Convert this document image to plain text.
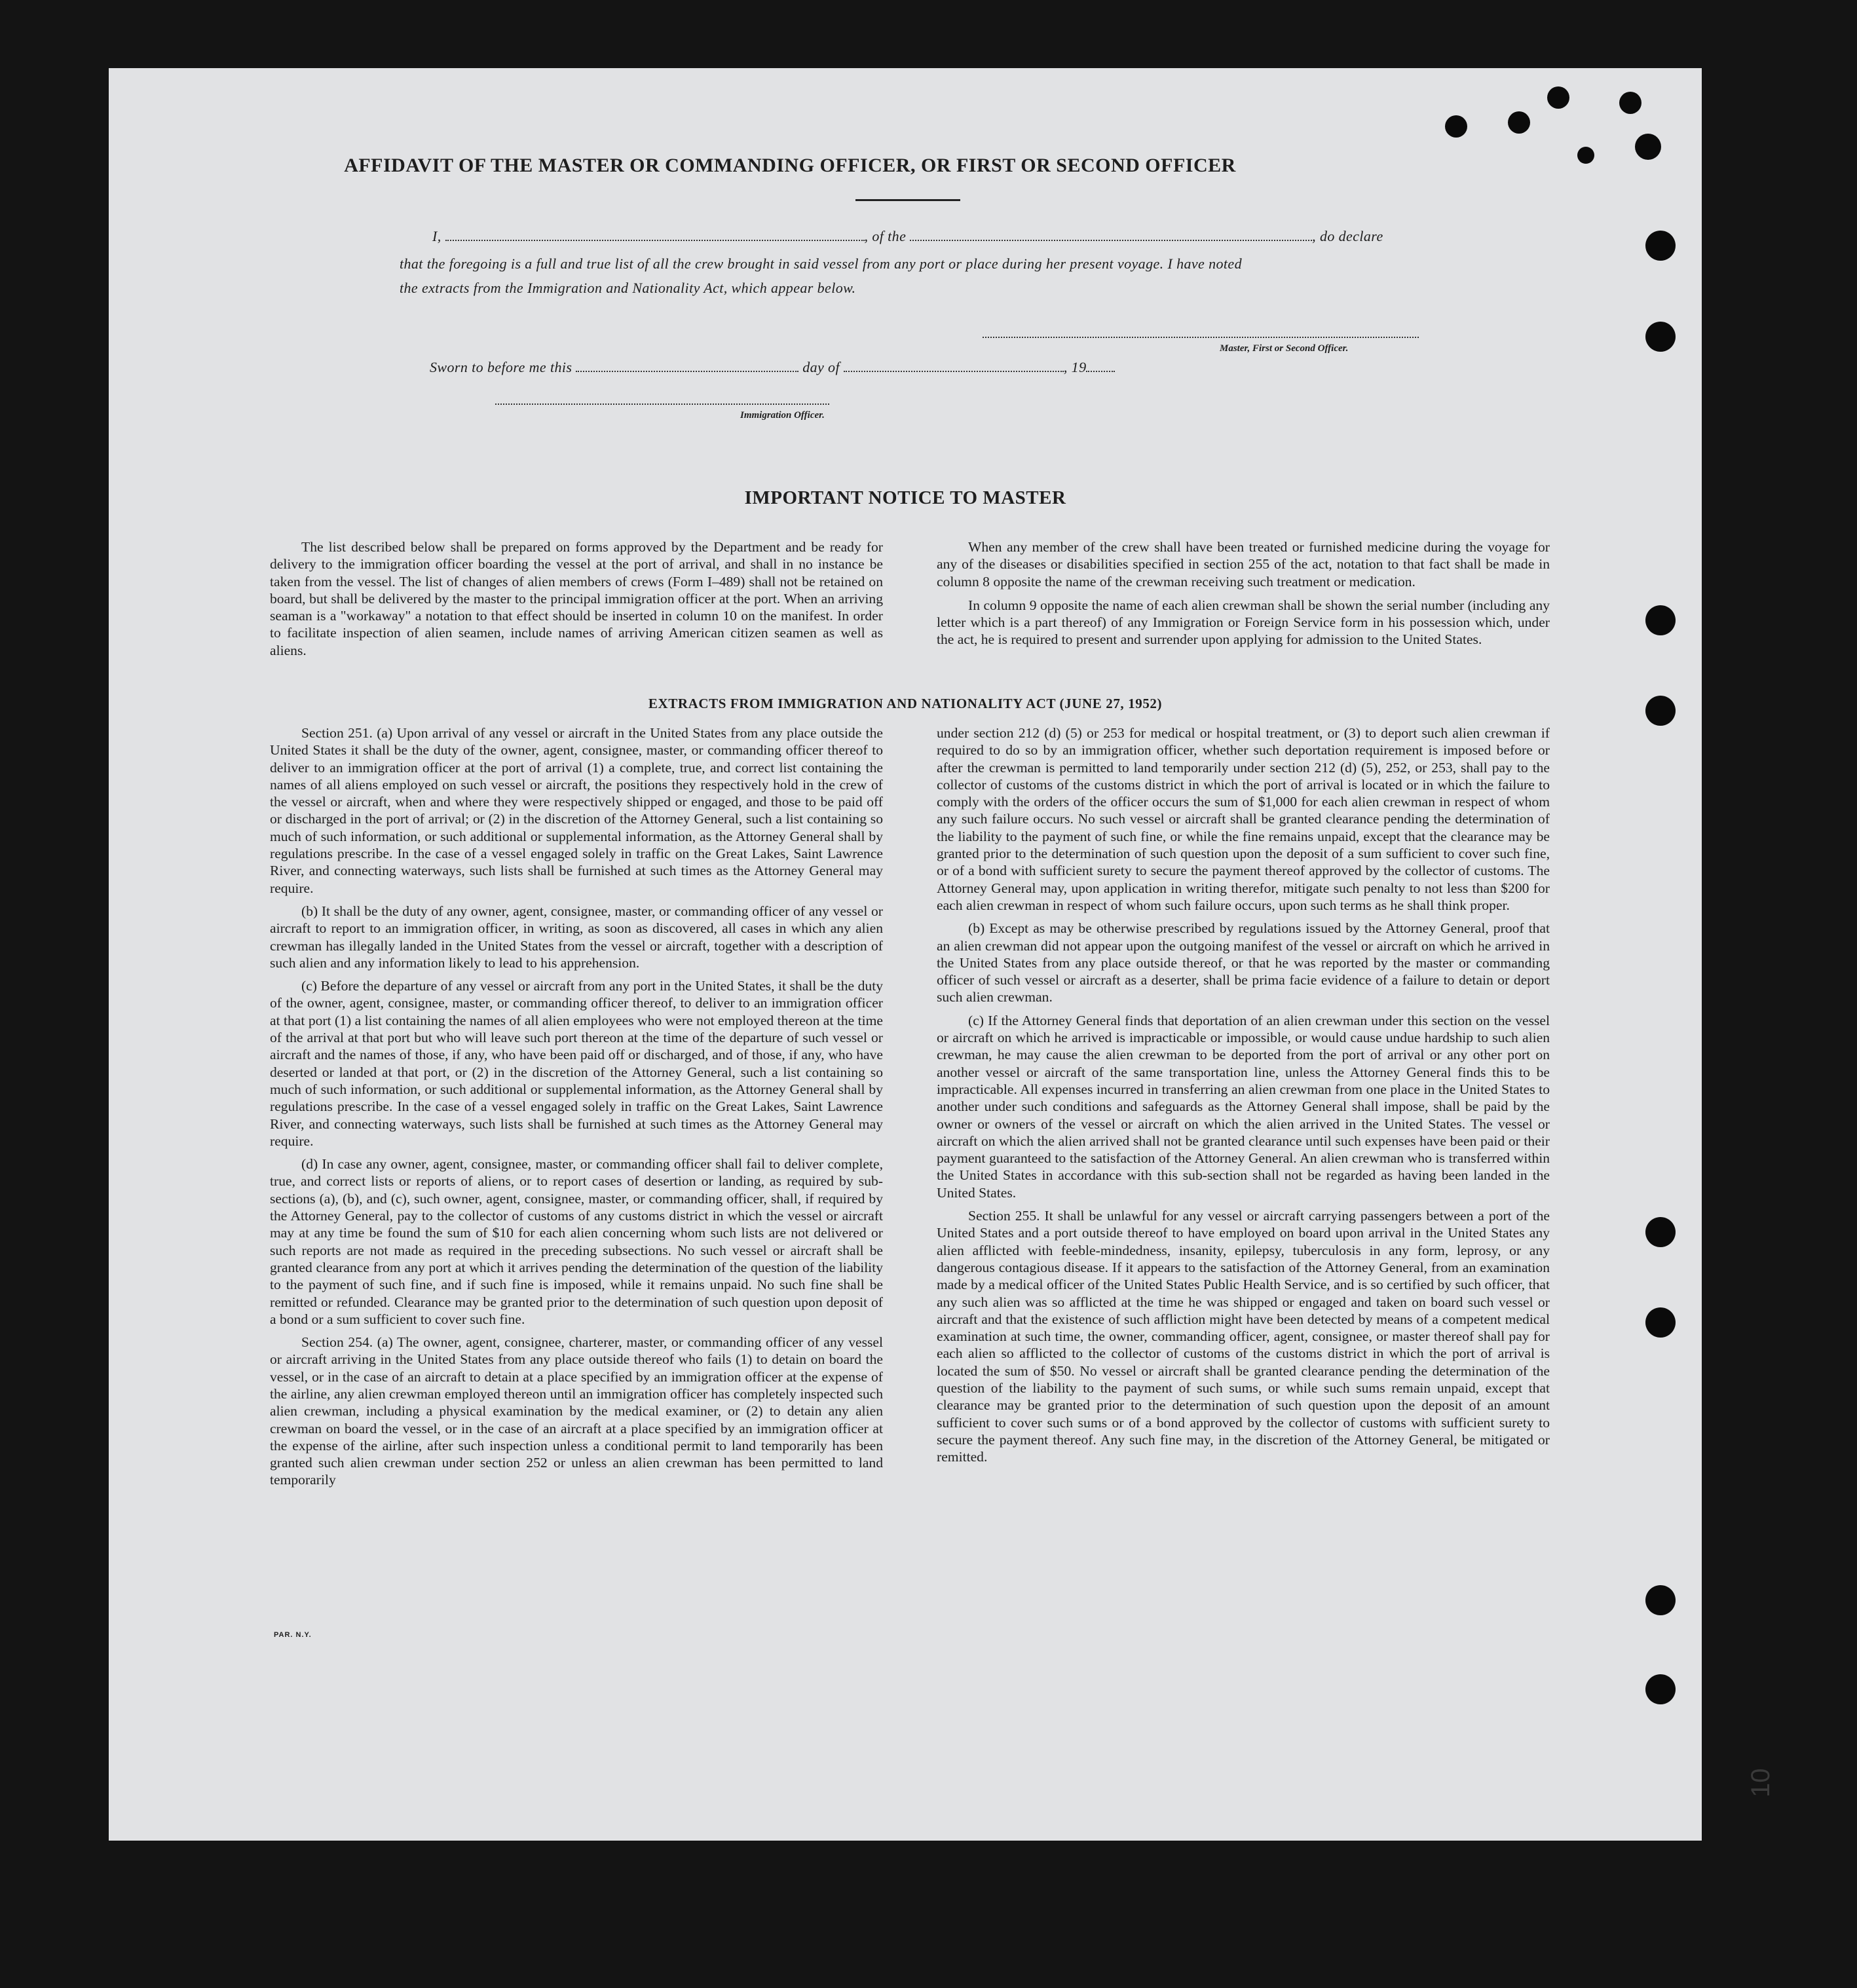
AFFIDAVIT OF THE MASTER OR COMMANDING OFFICER, OR FIRST OR SECOND OFFICER
I,	, of the	, do declare
that the foregoing is a full and true list of all the crew brought in said vessel from any port or place during her present voyage. I have noted
the extracts from the Immigration and Nationality Act, which appear below.
Master, First or Second Officer.
Sworn to before me this	day of	, 19
Immigration Officer.
IMPORTANT NOTICE TO MASTER

The list described below shall be prepared on forms approved by the Department and be ready for delivery to the immigration officer boarding the vessel at the port of arrival, and shall in no instance be taken from the vessel. The list of changes of alien members of crews (Form I–489) shall not be retained on board, but shall be delivered by the master to the principal immigration officer at the port. When an arriving seaman is a "workaway" a notation to that effect should be inserted in column 10 on the manifest. In order to facilitate inspection of alien seamen, include names of arriving American citizen seamen as well as aliens.

When any member of the crew shall have been treated or furnished medicine during the voyage for any of the diseases or disabilities specified in section 255 of the act, notation to that fact shall be made in column 8 opposite the name of the crewman receiving such treatment or medication.

In column 9 opposite the name of each alien crewman shall be shown the serial number (including any letter which is a part thereof) of any Immigration or Foreign Service form in his possession which, under the act, he is required to present and surrender upon applying for admission to the United States.

EXTRACTS FROM IMMIGRATION AND NATIONALITY ACT (JUNE 27, 1952)

Section 251. (a) Upon arrival of any vessel or aircraft in the United States from any place outside the United States it shall be the duty of the owner, agent, consignee, master, or commanding officer thereof to deliver to an immigration officer at the port of arrival (1) a complete, true, and correct list containing the names of all aliens employed on such vessel or aircraft, the positions they respectively hold in the crew of the vessel or aircraft, when and where they were respectively shipped or engaged, and those to be paid off or discharged in the port of arrival; or (2) in the discretion of the Attorney General, such a list containing so much of such information, or such additional or supplemental information, as the Attorney General shall by regulations prescribe. In the case of a vessel engaged solely in traffic on the Great Lakes, Saint Lawrence River, and connecting waterways, such lists shall be furnished at such times as the Attorney General may require.

(b) It shall be the duty of any owner, agent, consignee, master, or commanding officer of any vessel or aircraft to report to an immigration officer, in writing, as soon as discovered, all cases in which any alien crewman has illegally landed in the United States from the vessel or aircraft, together with a description of such alien and any information likely to lead to his apprehension.

(c) Before the departure of any vessel or aircraft from any port in the United States, it shall be the duty of the owner, agent, consignee, master, or commanding officer thereof, to deliver to an immigration officer at that port (1) a list containing the names of all alien employees who were not employed thereon at the time of the arrival at that port but who will leave such port thereon at the time of the departure of such vessel or aircraft and the names of those, if any, who have been paid off or discharged, and of those, if any, who have deserted or landed at that port, or (2) in the discretion of the Attorney General, such a list containing so much of such information, or such additional or supplemental information, as the Attorney General shall by regulations prescribe. In the case of a vessel engaged solely in traffic on the Great Lakes, Saint Lawrence River, and connecting waterways, such lists shall be furnished at such times as the Attorney General may require.

(d) In case any owner, agent, consignee, master, or commanding officer shall fail to deliver complete, true, and correct lists or reports of aliens, or to report cases of desertion or landing, as required by sub-sections (a), (b), and (c), such owner, agent, consignee, master, or commanding officer, shall, if required by the Attorney General, pay to the collector of customs of any customs district in which the vessel or aircraft may at any time be found the sum of $10 for each alien concerning whom such lists are not delivered or such reports are not made as required in the preceding subsections. No such vessel or aircraft shall be granted clearance from any port at which it arrives pending the determination of the question of the liability to the payment of such fine, and if such fine is imposed, while it remains unpaid. No such fine shall be remitted or refunded. Clearance may be granted prior to the determination of such question upon deposit of a bond or a sum sufficient to cover such fine.

Section 254. (a) The owner, agent, consignee, charterer, master, or commanding officer of any vessel or aircraft arriving in the United States from any place outside thereof who fails (1) to detain on board the vessel, or in the case of an aircraft to detain at a place specified by an immigration officer at the expense of the airline, any alien crewman employed thereon until an immigration officer has completely inspected such alien crewman, including a physical examination by the medical examiner, or (2) to detain any alien crewman on board the vessel, or in the case of an aircraft at a place specified by an immigration officer at the expense of the airline, after such inspection unless a conditional permit to land temporarily has been granted such alien crewman under section 252 or unless an alien crewman has been permitted to land temporarily

under section 212 (d) (5) or 253 for medical or hospital treatment, or (3) to deport such alien crewman if required to do so by an immigration officer, whether such deportation requirement is imposed before or after the crewman is permitted to land temporarily under section 212 (d) (5), 252, or 253, shall pay to the collector of customs of the customs district in which the port of arrival is located or in which the failure to comply with the orders of the officer occurs the sum of $1,000 for each alien crewman in respect of whom any such failure occurs. No such vessel or aircraft shall be granted clearance pending the determination of the liability to the payment of such fine, or while the fine remains unpaid, except that the clearance may be granted prior to the determination of such question upon the deposit of a sum sufficient to cover such fine, or of a bond with sufficient surety to secure the payment thereof approved by the collector of customs. The Attorney General may, upon application in writing therefor, mitigate such penalty to not less than $200 for each alien crewman in respect of whom such failure occurs, upon such terms as he shall think proper.

(b) Except as may be otherwise prescribed by regulations issued by the Attorney General, proof that an alien crewman did not appear upon the outgoing manifest of the vessel or aircraft on which he arrived in the United States from any place outside thereof, or that he was reported by the master or commanding officer of such vessel or aircraft as a deserter, shall be prima facie evidence of a failure to detain or deport such alien crewman.

(c) If the Attorney General finds that deportation of an alien crewman under this section on the vessel or aircraft on which he arrived is impracticable or impossible, or would cause undue hardship to such alien crewman, he may cause the alien crewman to be deported from the port of arrival or any other port on another vessel or aircraft of the same transportation line, unless the Attorney General finds this to be impracticable. All expenses incurred in transferring an alien crewman from one place in the United States to another under such conditions and safeguards as the Attorney General shall impose, shall be paid by the owner or owners of the vessel or aircraft on which the alien arrived in the United States. The vessel or aircraft on which the alien arrived shall not be granted clearance until such expenses have been paid or their payment guaranteed to the satisfaction of the Attorney General. An alien crewman who is transferred within the United States in accordance with this sub-section shall not be regarded as having been landed in the United States.

Section 255. It shall be unlawful for any vessel or aircraft carrying passengers between a port of the United States and a port outside thereof to have employed on board upon arrival in the United States any alien afflicted with feeble-mindedness, insanity, epilepsy, tuberculosis in any form, leprosy, or any dangerous contagious disease. If it appears to the satisfaction of the Attorney General, from an examination made by a medical officer of the United States Public Health Service, and is so certified by such officer, that any such alien was so afflicted at the time he was shipped or engaged and taken on board such vessel or aircraft and that the existence of such affliction might have been detected by means of a competent medical examination at such time, the owner, commanding officer, agent, consignee, or master thereof shall pay for each alien so afflicted to the collector of customs of the customs district in which the port of arrival is located the sum of $50. No vessel or aircraft shall be granted clearance pending the determination of the question of the liability to the payment of such sums, or while such sums remain unpaid, except that clearance may be granted prior to the determination of such question upon the deposit of an amount sufficient to cover such sums or of a bond approved by the collector of customs with sufficient surety to secure the payment thereof. Any such fine may, in the discretion of the Attorney General, be mitigated or remitted.

PAR. N.Y.
10
